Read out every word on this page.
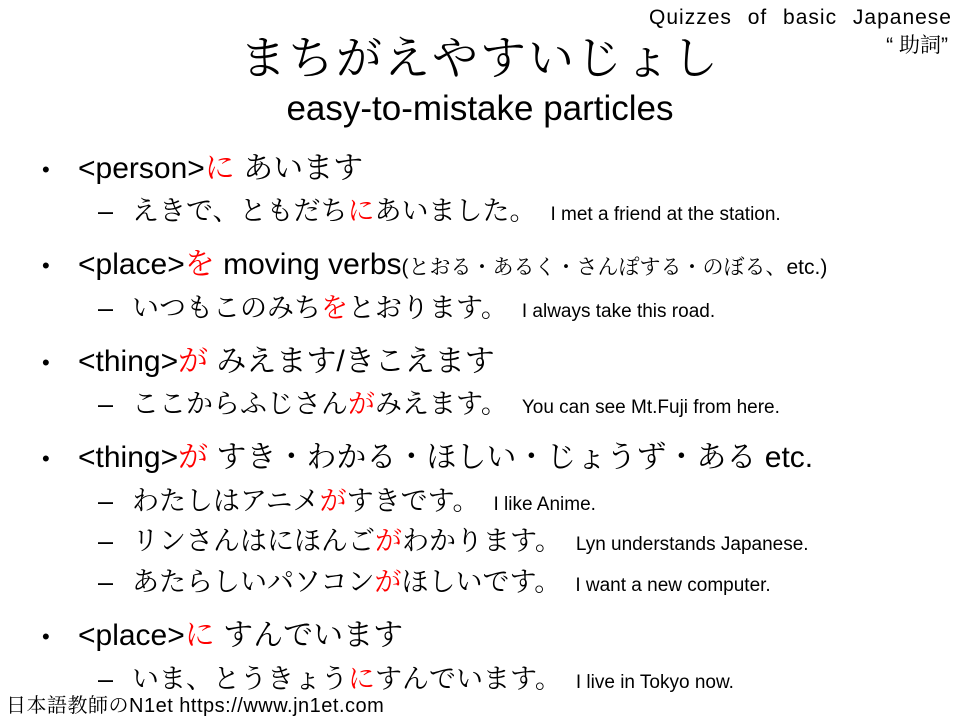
Quizzes of basic Japanese
“ 助詞”
まちがえやすいじょし
easy-to-mistake particles
• <person>に あいます
– えきで、ともだちにあいました。 I met a friend at the station.
• <place>を moving verbs(とおる・あるく・さんぽする・のぼる、etc.)
– いつもこのみちをとおります。 I always take this road.
• <thing>が みえます/きこえます
– ここからふじさんがみえます。 You can see Mt.Fuji from here.
• <thing>が すき・わかる・ほしい・じょうず・ある etc.
– わたしはアニメがすきです。 I like Anime.
– リンさんはにほんごがわかります。 Lyn understands Japanese.
– あたらしいパソコンがほしいです。 I want a new computer.
• <place>に すんでいます
– いま、とうきょうにすんでいます。 I live in Tokyo now.
日本語教師のN1et https://www.jn1et.com
